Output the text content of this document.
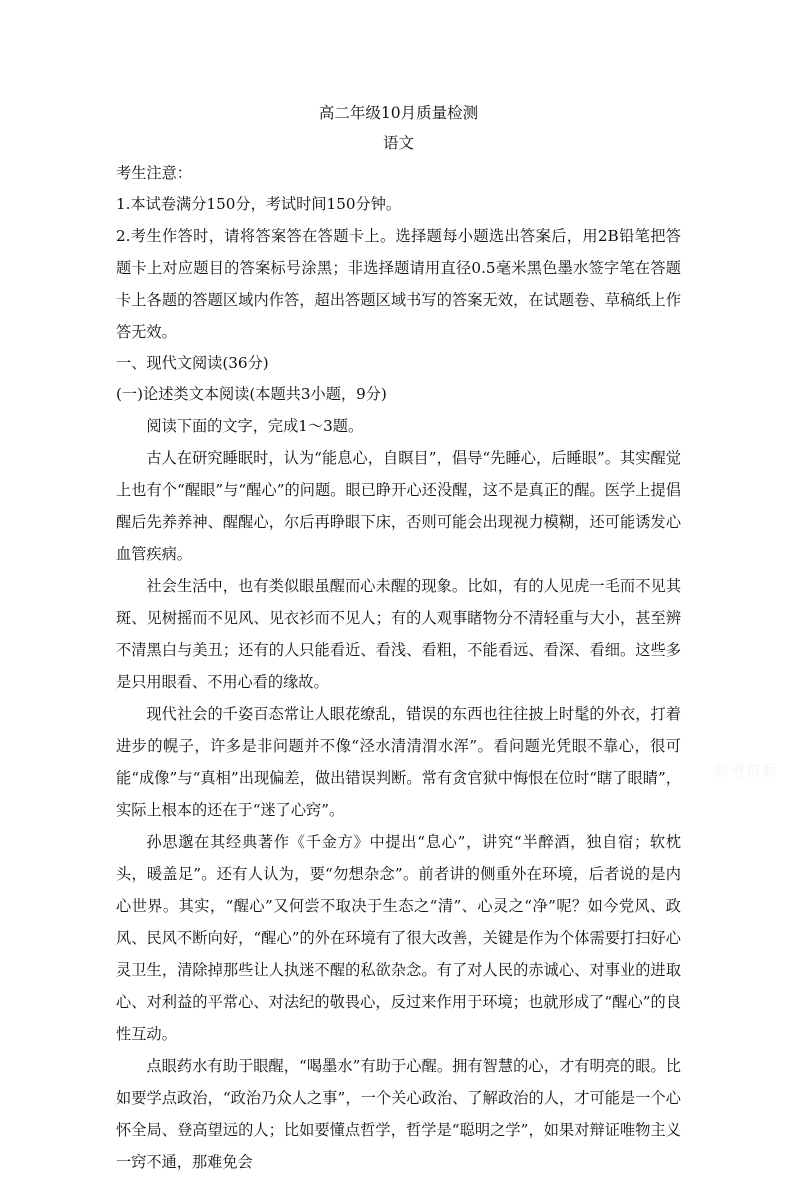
高二年级10月质量检测
语文

考生注意：

1.本试卷满分150分，考试时间150分钟。

2.考生作答时，请将答案答在答题卡上。选择题每小题选出答案后，用2B铅笔把答题卡上对应题目的答案标号涂黑；非选择题请用直径0.5毫米黑色墨水签字笔在答题卡上各题的答题区域内作答，超出答题区域书写的答案无效，在试题卷、草稿纸上作答无效。

一、现代文阅读(36分)

(一)论述类文本阅读(本题共3小题，9分)

阅读下面的文字，完成1～3题。

古人在研究睡眠时，认为“能息心，自瞑目”，倡导“先睡心，后睡眼”。其实醒觉上也有个“醒眼”与“醒心”的问题。眼已睁开心还没醒，这不是真正的醒。医学上提倡醒后先养养神、醒醒心，尔后再睁眼下床，否则可能会出现视力模糊，还可能诱发心血管疾病。

社会生活中，也有类似眼虽醒而心未醒的现象。比如，有的人见虎一毛而不见其斑、见树摇而不见风、见衣衫而不见人；有的人观事睹物分不清轻重与大小，甚至辨不清黑白与美丑；还有的人只能看近、看浅、看粗，不能看远、看深、看细。这些多是只用眼看、不用心看的缘故。

现代社会的千姿百态常让人眼花缭乱，错误的东西也往往披上时髦的外衣，打着进步的幌子，许多是非问题并不像“泾水清清渭水浑”。看问题光凭眼不靠心，很可能“成像”与“真相”出现偏差，做出错误判断。常有贪官狱中悔恨在位时“瞎了眼睛”，实际上根本的还在于“迷了心窍”。

孙思邈在其经典著作《千金方》中提出“息心”，讲究“半醉酒，独自宿；软枕头，暖盖足”。还有人认为，要“勿想杂念”。前者讲的侧重外在环境，后者说的是内心世界。其实，“醒心”又何尝不取决于生态之“清”、心灵之“净”呢？如今党风、政风、民风不断向好，“醒心”的外在环境有了很大改善，关键是作为个体需要打扫好心灵卫生，清除掉那些让人执迷不醒的私欲杂念。有了对人民的赤诚心、对事业的进取心、对利益的平常心、对法纪的敬畏心，反过来作用于环境；也就形成了“醒心”的良性互动。

点眼药水有助于眼醒，“喝墨水”有助于心醒。拥有智慧的心，才有明亮的眼。比如要学点政治，“政治乃众人之事”，一个关心政治、了解政治的人，才可能是一个心怀全局、登高望远的人；比如要懂点哲学，哲学是“聪明之学”，如果对辩证唯物主义一窍不通，那难免会

高考资源
